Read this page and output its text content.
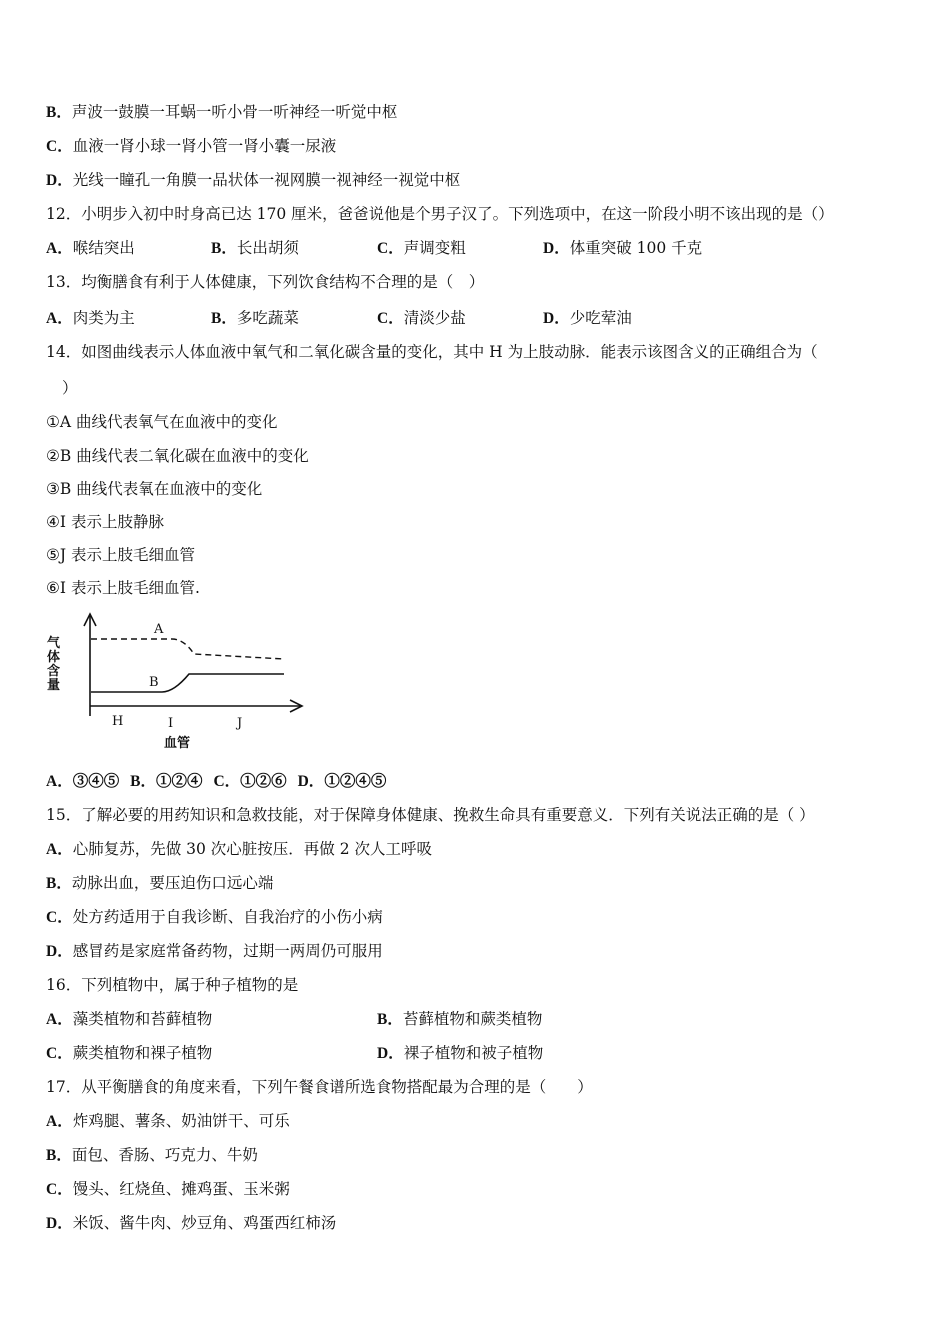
B．声波一鼓膜一耳蜗一听小骨一听神经一听觉中枢
C．血液一肾小球一肾小管一肾小囊一尿液
D．光线一瞳孔一角膜一品状体一视网膜一视神经一视觉中枢
12．小明步入初中时身高已达 170 厘米，爸爸说他是个男子汉了。下列选项中，在这一阶段小明不该出现的是（）
A．喉结突出	B．长出胡须	C．声调变粗	D．体重突破 100 千克
13．均衡膳食有利于人体健康，下列饮食结构不合理的是（　）
A．肉类为主	B．多吃蔬菜	C．清淡少盐	D．少吃荤油
14．如图曲线表示人体血液中氧气和二氧化碳含量的变化，其中 H 为上肢动脉．能表示该图含义的正确组合为（
）
①A 曲线代表氧气在血液中的变化
②B 曲线代表二氧化碳在血液中的变化
③B 曲线代表氧在血液中的变化
④I 表示上肢静脉
⑤J 表示上肢毛细血管
⑥I 表示上肢毛细血管.
气
体
含
量
A
B
H	I	J
血管
A．③④⑤ B．①②④ C．①②⑥ D．①②④⑤
15．了解必要的用药知识和急救技能，对于保障身体健康、挽救生命具有重要意义．下列有关说法正确的是（ ）
A．心肺复苏，先做 30 次心脏按压．再做 2 次人工呼吸
B．动脉出血，要压迫伤口远心端
C．处方药适用于自我诊断、自我治疗的小伤小病
D．感冒药是家庭常备药物，过期一两周仍可服用
16．下列植物中，属于种子植物的是
A．藻类植物和苔藓植物	B．苔藓植物和蕨类植物
C．蕨类植物和裸子植物	D．裸子植物和被子植物
17．从平衡膳食的角度来看，下列午餐食谱所选食物搭配最为合理的是（　　）
A．炸鸡腿、薯条、奶油饼干、可乐
B．面包、香肠、巧克力、牛奶
C．馒头、红烧鱼、摊鸡蛋、玉米粥
D．米饭、酱牛肉、炒豆角、鸡蛋西红柿汤
